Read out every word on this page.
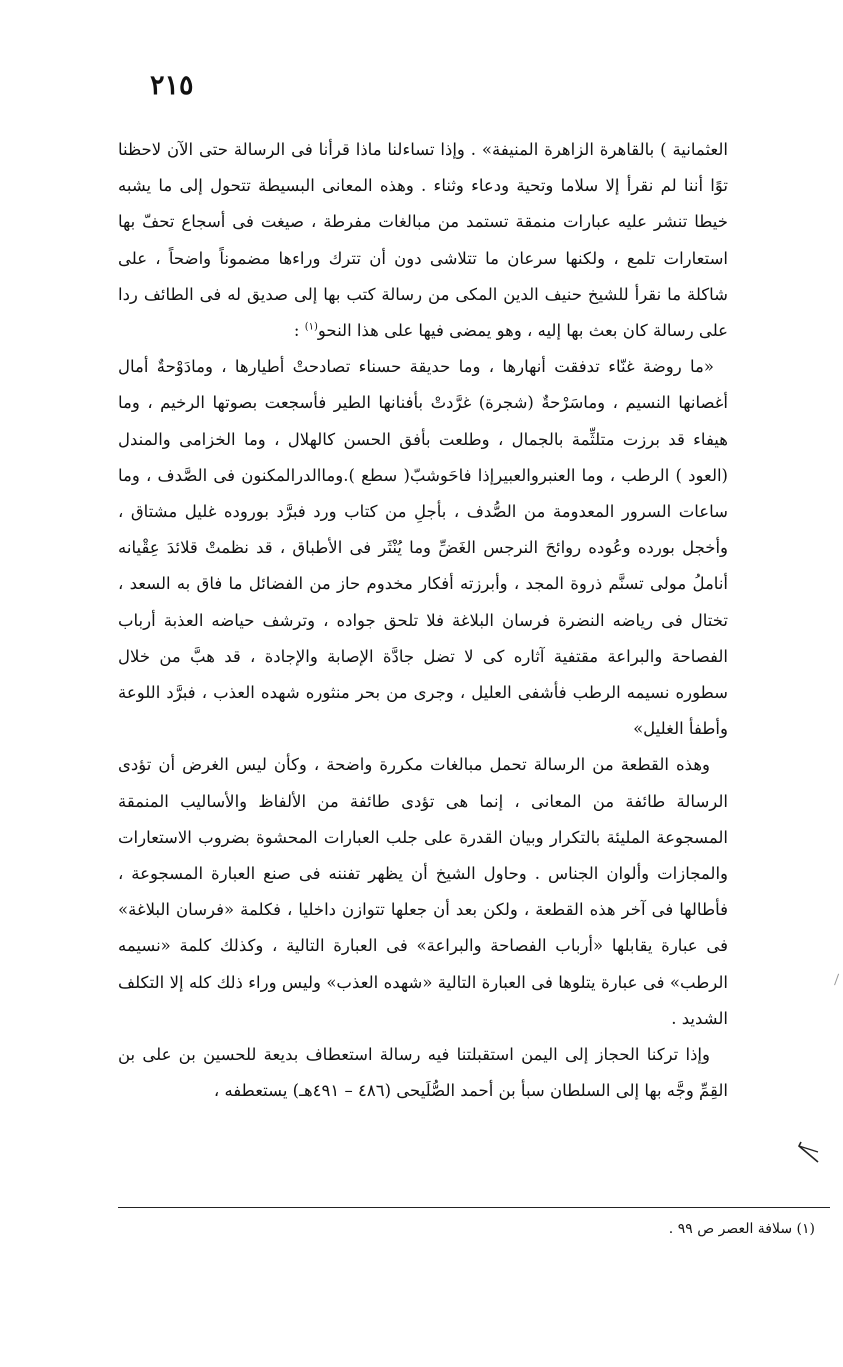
٢١٥

العثمانية ) بالقاهرة الزاهرة المنيفة» . وإذا تساءلنا ماذا قرأنا فى الرسالة حتى الآن لاحظنا توًا أننا لم نقرأ إلا سلاما وتحية ودعاء وثناء . وهذه المعانى البسيطة تتحول إلى ما يشبه خيطا تنشر عليه عبارات منمقة تستمد من مبالغات مفرطة ، صيغت فى أسجاع تحفّ بها استعارات تلمع ، ولكنها سرعان ما تتلاشى دون أن تترك وراءها مضموناً واضحاً ، على شاكلة ما نقرأ للشيخ حنيف الدين المكى من رسالة كتب بها إلى صديق له فى الطائف ردا على رسالة كان بعث بها إليه ، وهو يمضى فيها على هذا النحو$^{(١)}$ :

«ما روضة غنّاء تدفقت أنهارها ، وما حديقة حسناء تصادحتْ أطيارها ، ومادَوْحةٌ أمال أغصانها النسيم ، وماسَرْحةٌ (شجرة) غرَّدتْ بأفنانها الطير فأسجعت بصوتها الرخيم ، وما هيفاء قد برزت متلثِّمة بالجمال ، وطلعت بأفق الحسن كالهلال ، وما الخزامى والمندل (العود ) الرطب ، وما العنبروالعبيرإذا فاحَوشبّ( سطع ).وماالدرالمكنون فى الصَّدف ، وما ساعات السرور المعدومة من الصُّدف ، بأجلِ من كتاب ورد فبرَّد بوروده غليل مشتاق ، وأخجل بورده وعُوده روائحَ النرجس الغَضِّ وما يُنْثَر فى الأطباق ، قد نظمتْ قلائدَ عِقْيانه أناملُ مولى تسنَّم ذروة المجد ، وأبرزته أفكار مخدوم حاز من الفضائل ما فاق به السعد ، تختال فى رياضه النضرة فرسان البلاغة فلا تلحق جواده ، وترشف حياضه العذبة أرباب الفصاحة والبراعة مقتفية آثاره كى لا تضل جادَّة الإصابة والإجادة ، قد هبَّ من خلال سطوره نسيمه الرطب فأشفى العليل ، وجرى من بحر منثوره شهده العذب ، فبرَّد اللوعة وأطفأ الغليل»

وهذه القطعة من الرسالة تحمل مبالغات مكررة واضحة ، وكأن ليس الغرض أن تؤدى الرسالة طائفة من المعانى ، إنما هى تؤدى طائفة من الألفاظ والأساليب المنمقة المسجوعة المليئة بالتكرار وبيان القدرة على جلب العبارات المحشوة بضروب الاستعارات والمجازات وألوان الجناس . وحاول الشيخ أن يظهر تفننه فى صنع العبارة المسجوعة ، فأطالها فى آخر هذه القطعة ، ولكن بعد أن جعلها تتوازن داخليا ، فكلمة «فرسان البلاغة» فى عبارة يقابلها «أرباب الفصاحة والبراعة» فى العبارة التالية ، وكذلك كلمة «نسيمه الرطب» فى عبارة يتلوها فى العبارة التالية «شهده العذب» وليس وراء ذلك كله إلا التكلف الشديد .

وإذا تركنا الحجاز إلى اليمن استقبلتنا فيه رسالة استعطاف بديعة للحسين بن على بن القِمِّ وجَّه بها إلى السلطان سبأ بن أحمد الصُّلَيحى (٤٨٦ – ٤٩١هـ) يستعطفه ،

(١) سلافة العصر ص ٩٩ .
